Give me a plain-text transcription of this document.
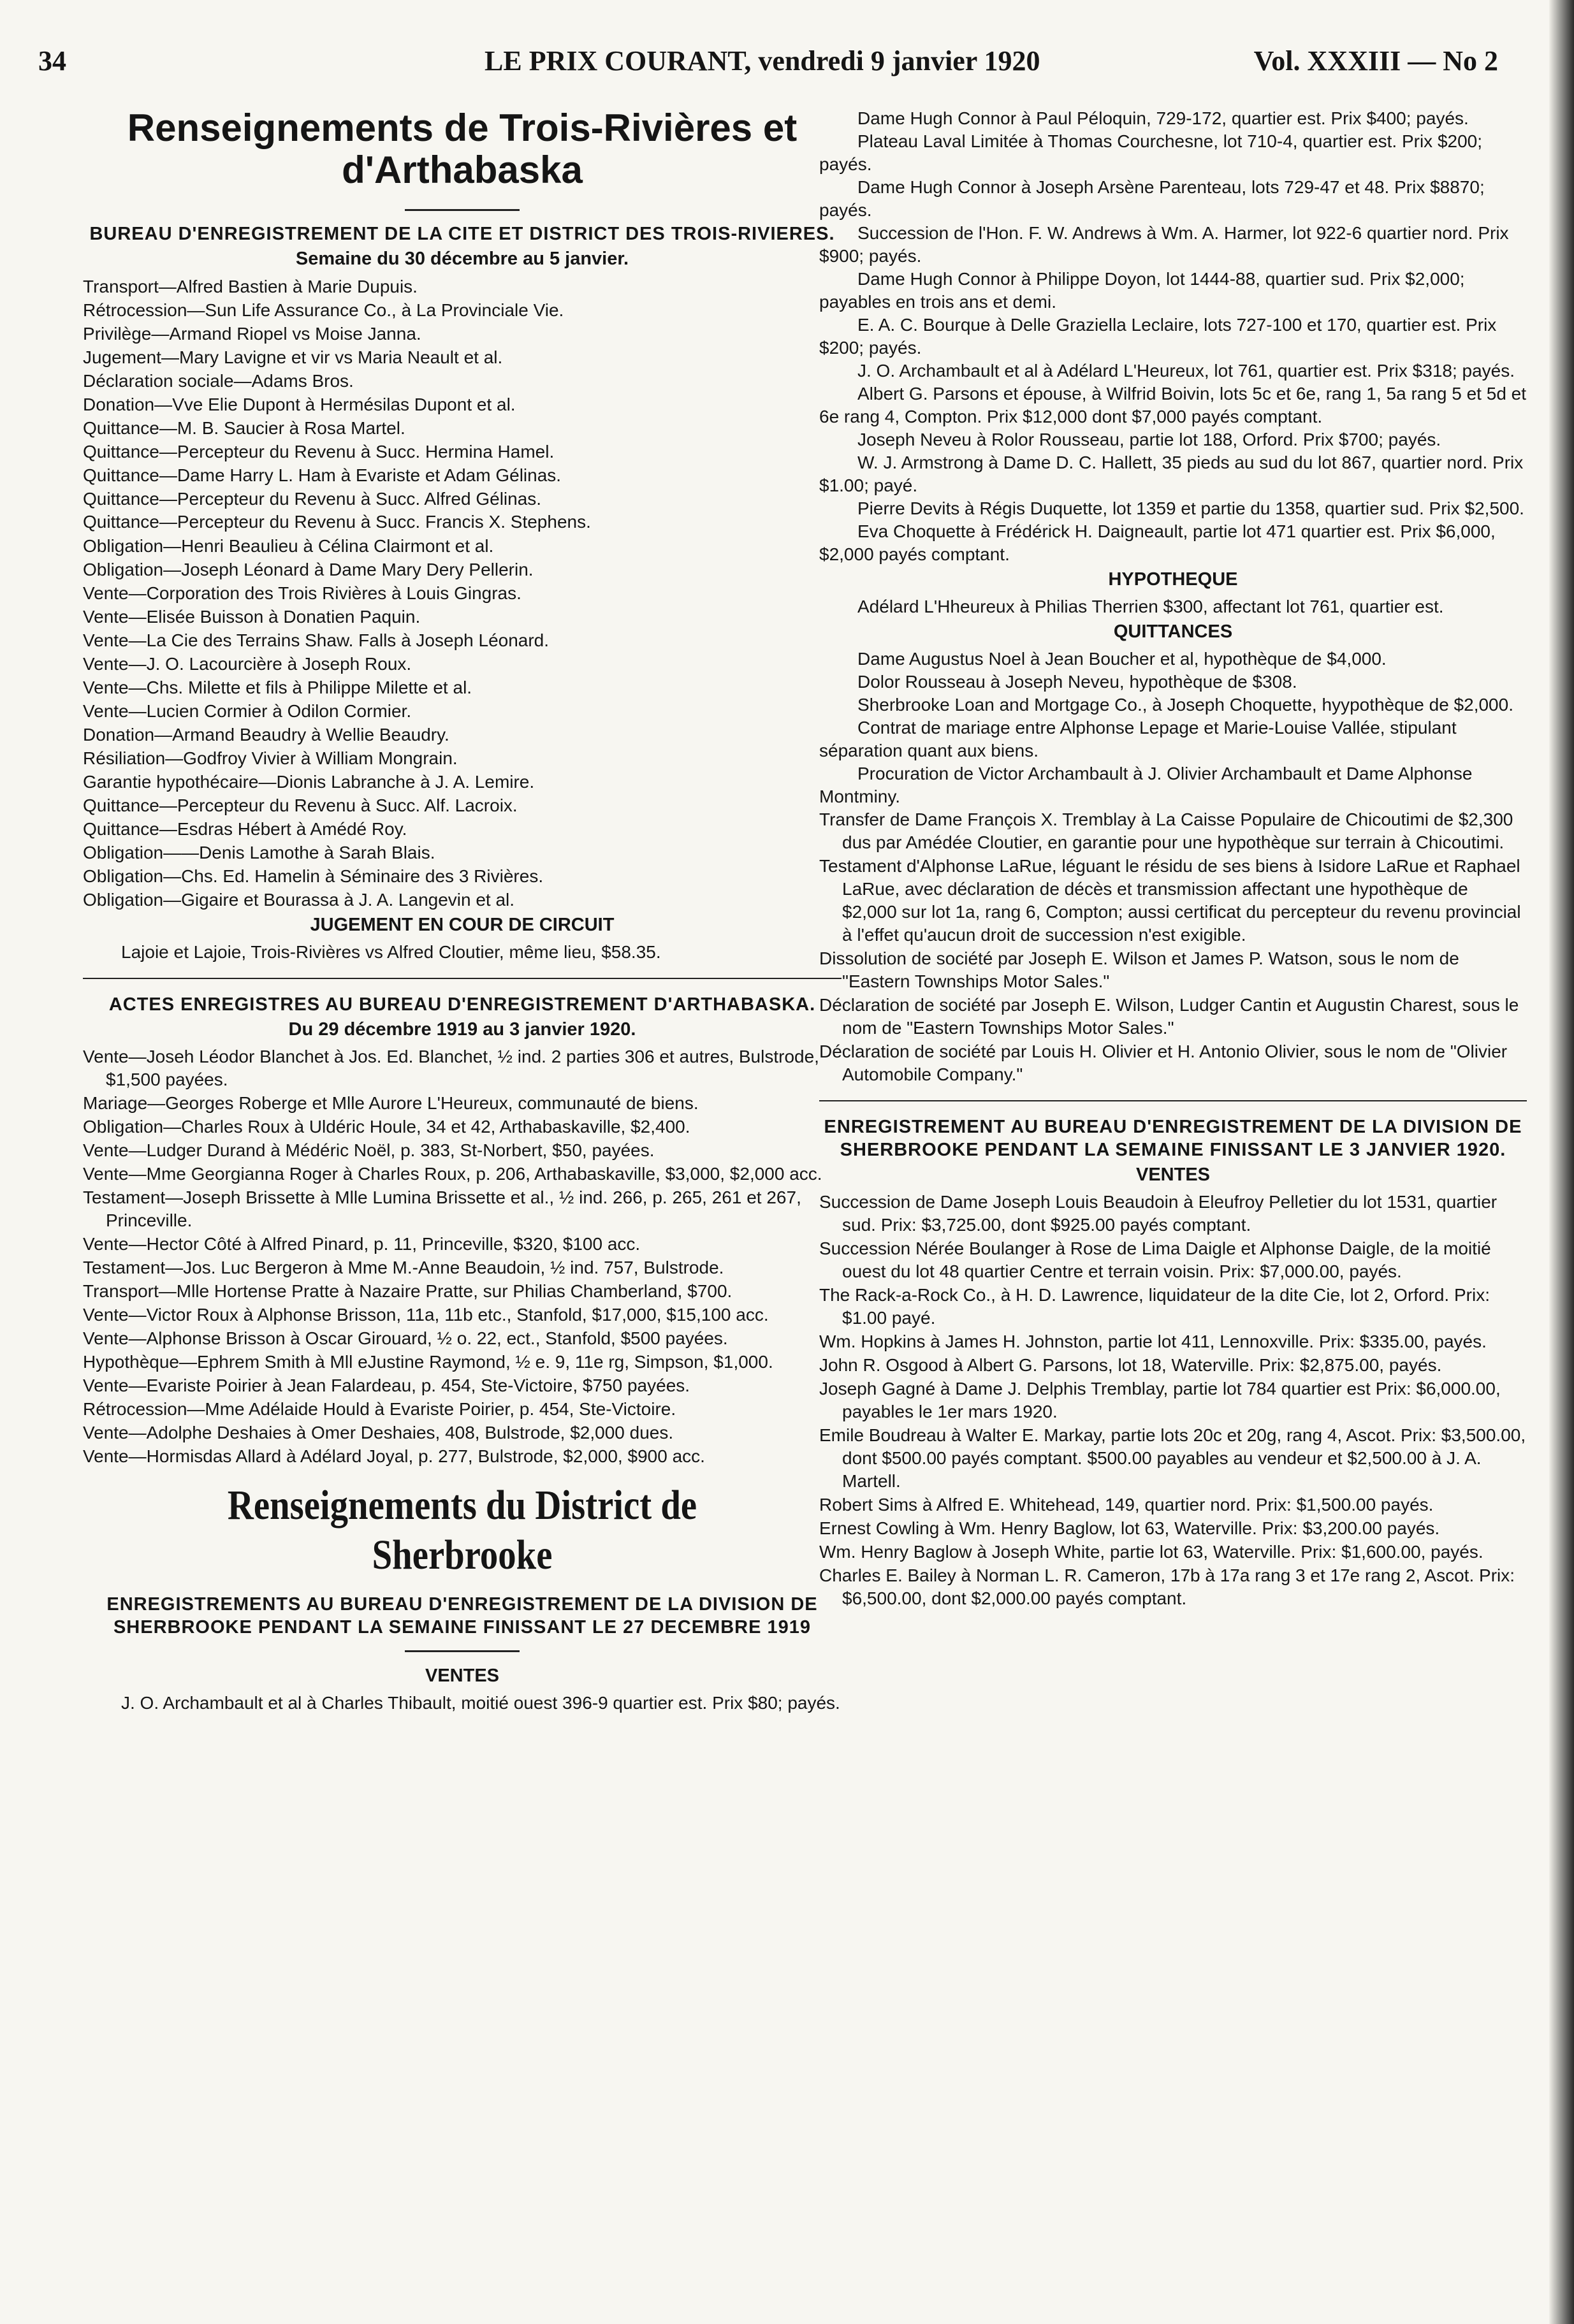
34	LE PRIX COURANT, vendredi 9 janvier 1920	Vol. XXXIII — No 2
Renseignements de Trois-Rivières et d'Arthabaska
BUREAU D'ENREGISTREMENT DE LA CITE ET DISTRICT DES TROIS-RIVIERES.
Semaine du 30 décembre au 5 janvier.
Transport—Alfred Bastien à Marie Dupuis.
Rétrocession—Sun Life Assurance Co., à La Provinciale Vie.
Privilège—Armand Riopel vs Moise Janna.
Jugement—Mary Lavigne et vir vs Maria Neault et al.
Déclaration sociale—Adams Bros.
Donation—Vve Elie Dupont à Hermésilas Dupont et al.
Quittance—M. B. Saucier à Rosa Martel.
Quittance—Percepteur du Revenu à Succ. Hermina Hamel.
Quittance—Dame Harry L. Ham à Evariste et Adam Gélinas.
Quittance—Percepteur du Revenu à Succ. Alfred Gélinas.
Quittance—Percepteur du Revenu à Succ. Francis X. Stephens.
Obligation—Henri Beaulieu à Célina Clairmont et al.
Obligation—Joseph Léonard à Dame Mary Dery Pellerin.
Vente—Corporation des Trois Rivières à Louis Gingras.
Vente—Elisée Buisson à Donatien Paquin.
Vente—La Cie des Terrains Shaw. Falls à Joseph Léonard.
Vente—J. O. Lacourcière à Joseph Roux.
Vente—Chs. Milette et fils à Philippe Milette et al.
Vente—Lucien Cormier à Odilon Cormier.
Donation—Armand Beaudry à Wellie Beaudry.
Résiliation—Godfroy Vivier à William Mongrain.
Garantie hypothécaire—Dionis Labranche à J. A. Lemire.
Quittance—Percepteur du Revenu à Succ. Alf. Lacroix.
Quittance—Esdras Hébert à Amédé Roy.
Obligation——Denis Lamothe à Sarah Blais.
Obligation—Chs. Ed. Hamelin à Séminaire des 3 Rivières.
Obligation—Gigaire et Bourassa à J. A. Langevin et al.
JUGEMENT EN COUR DE CIRCUIT
Lajoie et Lajoie, Trois-Rivières vs Alfred Cloutier, même lieu, $58.35.
ACTES ENREGISTRES AU BUREAU D'ENREGISTREMENT D'ARTHABASKA.
Du 29 décembre 1919 au 3 janvier 1920.
Vente—Joseh Léodor Blanchet à Jos. Ed. Blanchet, ½ ind. 2 parties 306 et autres, Bulstrode, $1,500 payées.
Mariage—Georges Roberge et Mlle Aurore L'Heureux, communauté de biens.
Obligation—Charles Roux à Uldéric Houle, 34 et 42, Arthabaskaville, $2,400.
Vente—Ludger Durand à Médéric Noël, p. 383, St-Norbert, $50, payées.
Vente—Mme Georgianna Roger à Charles Roux, p. 206, Arthabaskaville, $3,000, $2,000 acc.
Testament—Joseph Brissette à Mlle Lumina Brissette et al., ½ ind. 266, p. 265, 261 et 267, Princeville.
Vente—Hector Côté à Alfred Pinard, p. 11, Princeville, $320, $100 acc.
Testament—Jos. Luc Bergeron à Mme M.-Anne Beaudoin, ½ ind. 757, Bulstrode.
Transport—Mlle Hortense Pratte à Nazaire Pratte, sur Philias Chamberland, $700.
Vente—Victor Roux à Alphonse Brisson, 11a, 11b etc., Stanfold, $17,000, $15,100 acc.
Vente—Alphonse Brisson à Oscar Girouard, ½ o. 22, ect., Stanfold, $500 payées.
Hypothèque—Ephrem Smith à Mll eJustine Raymond, ½ e. 9, 11e rg, Simpson, $1,000.
Vente—Evariste Poirier à Jean Falardeau, p. 454, Ste-Victoire, $750 payées.
Rétrocession—Mme Adélaide Hould à Evariste Poirier, p. 454, Ste-Victoire.
Vente—Adolphe Deshaies à Omer Deshaies, 408, Bulstrode, $2,000 dues.
Vente—Hormisdas Allard à Adélard Joyal, p. 277, Bulstrode, $2,000, $900 acc.
Renseignements du District de Sherbrooke
ENREGISTREMENTS AU BUREAU D'ENREGISTREMENT DE LA DIVISION DE SHERBROOKE PENDANT LA SEMAINE FINISSANT LE 27 DECEMBRE 1919
VENTES
J. O. Archambault et al à Charles Thibault, moitié ouest 396-9 quartier est. Prix $80; payés.
Dame Hugh Connor à Paul Péloquin, 729-172, quartier est. Prix $400; payés.
Plateau Laval Limitée à Thomas Courchesne, lot 710-4, quartier est. Prix $200; payés.
Dame Hugh Connor à Joseph Arsène Parenteau, lots 729-47 et 48. Prix $8870; payés.
Succession de l'Hon. F. W. Andrews à Wm. A. Harmer, lot 922-6 quartier nord. Prix $900; payés.
Dame Hugh Connor à Philippe Doyon, lot 1444-88, quartier sud. Prix $2,000; payables en trois ans et demi.
E. A. C. Bourque à Delle Graziella Leclaire, lots 727-100 et 170, quartier est. Prix $200; payés.
J. O. Archambault et al à Adélard L'Heureux, lot 761, quartier est. Prix $318; payés.
Albert G. Parsons et épouse, à Wilfrid Boivin, lots 5c et 6e, rang 1, 5a rang 5 et 5d et 6e rang 4, Compton. Prix $12,000 dont $7,000 payés comptant.
Joseph Neveu à Rolor Rousseau, partie lot 188, Orford. Prix $700; payés.
W. J. Armstrong à Dame D. C. Hallett, 35 pieds au sud du lot 867, quartier nord. Prix $1.00; payé.
Pierre Devits à Régis Duquette, lot 1359 et partie du 1358, quartier sud. Prix $2,500.
Eva Choquette à Frédérick H. Daigneault, partie lot 471 quartier est. Prix $6,000, $2,000 payés comptant.
HYPOTHEQUE
Adélard L'Hheureux à Philias Therrien $300, affectant lot 761, quartier est.
QUITTANCES
Dame Augustus Noel à Jean Boucher et al, hypothèque de $4,000.
Dolor Rousseau à Joseph Neveu, hypothèque de $308.
Sherbrooke Loan and Mortgage Co., à Joseph Choquette, hyypothèque de $2,000.
Contrat de mariage entre Alphonse Lepage et Marie-Louise Vallée, stipulant séparation quant aux biens.
Procuration de Victor Archambault à J. Olivier Archambault et Dame Alphonse Montminy.
Transfer de Dame François X. Tremblay à La Caisse Populaire de Chicoutimi de $2,300 dus par Amédée Cloutier, en garantie pour une hypothèque sur terrain à Chicoutimi.
Testament d'Alphonse LaRue, léguant le résidu de ses biens à Isidore LaRue et Raphael LaRue, avec déclaration de décès et transmission affectant une hypothèque de $2,000 sur lot 1a, rang 6, Compton; aussi certificat du percepteur du revenu provincial à l'effet qu'aucun droit de succession n'est exigible.
Dissolution de société par Joseph E. Wilson et James P. Watson, sous le nom de "Eastern Townships Motor Sales."
Déclaration de société par Joseph E. Wilson, Ludger Cantin et Augustin Charest, sous le nom de "Eastern Townships Motor Sales."
Déclaration de société par Louis H. Olivier et H. Antonio Olivier, sous le nom de "Olivier Automobile Company."
ENREGISTREMENT AU BUREAU D'ENREGISTREMENT DE LA DIVISION DE SHERBROOKE PENDANT LA SEMAINE FINISSANT LE 3 JANVIER 1920.
VENTES
Succession de Dame Joseph Louis Beaudoin à Eleufroy Pelletier du lot 1531, quartier sud. Prix: $3,725.00, dont $925.00 payés comptant.
Succession Nérée Boulanger à Rose de Lima Daigle et Alphonse Daigle, de la moitié ouest du lot 48 quartier Centre et terrain voisin. Prix: $7,000.00, payés.
The Rack-a-Rock Co., à H. D. Lawrence, liquidateur de la dite Cie, lot 2, Orford. Prix: $1.00 payé.
Wm. Hopkins à James H. Johnston, partie lot 411, Lennoxville. Prix: $335.00, payés.
John R. Osgood à Albert G. Parsons, lot 18, Waterville. Prix: $2,875.00, payés.
Joseph Gagné à Dame J. Delphis Tremblay, partie lot 784 quartier est Prix: $6,000.00, payables le 1er mars 1920.
Emile Boudreau à Walter E. Markay, partie lots 20c et 20g, rang 4, Ascot. Prix: $3,500.00, dont $500.00 payés comptant. $500.00 payables au vendeur et $2,500.00 à J. A. Martell.
Robert Sims à Alfred E. Whitehead, 149, quartier nord. Prix: $1,500.00 payés.
Ernest Cowling à Wm. Henry Baglow, lot 63, Waterville. Prix: $3,200.00 payés.
Wm. Henry Baglow à Joseph White, partie lot 63, Waterville. Prix: $1,600.00, payés.
Charles E. Bailey à Norman L. R. Cameron, 17b à 17a rang 3 et 17e rang 2, Ascot. Prix: $6,500.00, dont $2,000.00 payés comptant.
